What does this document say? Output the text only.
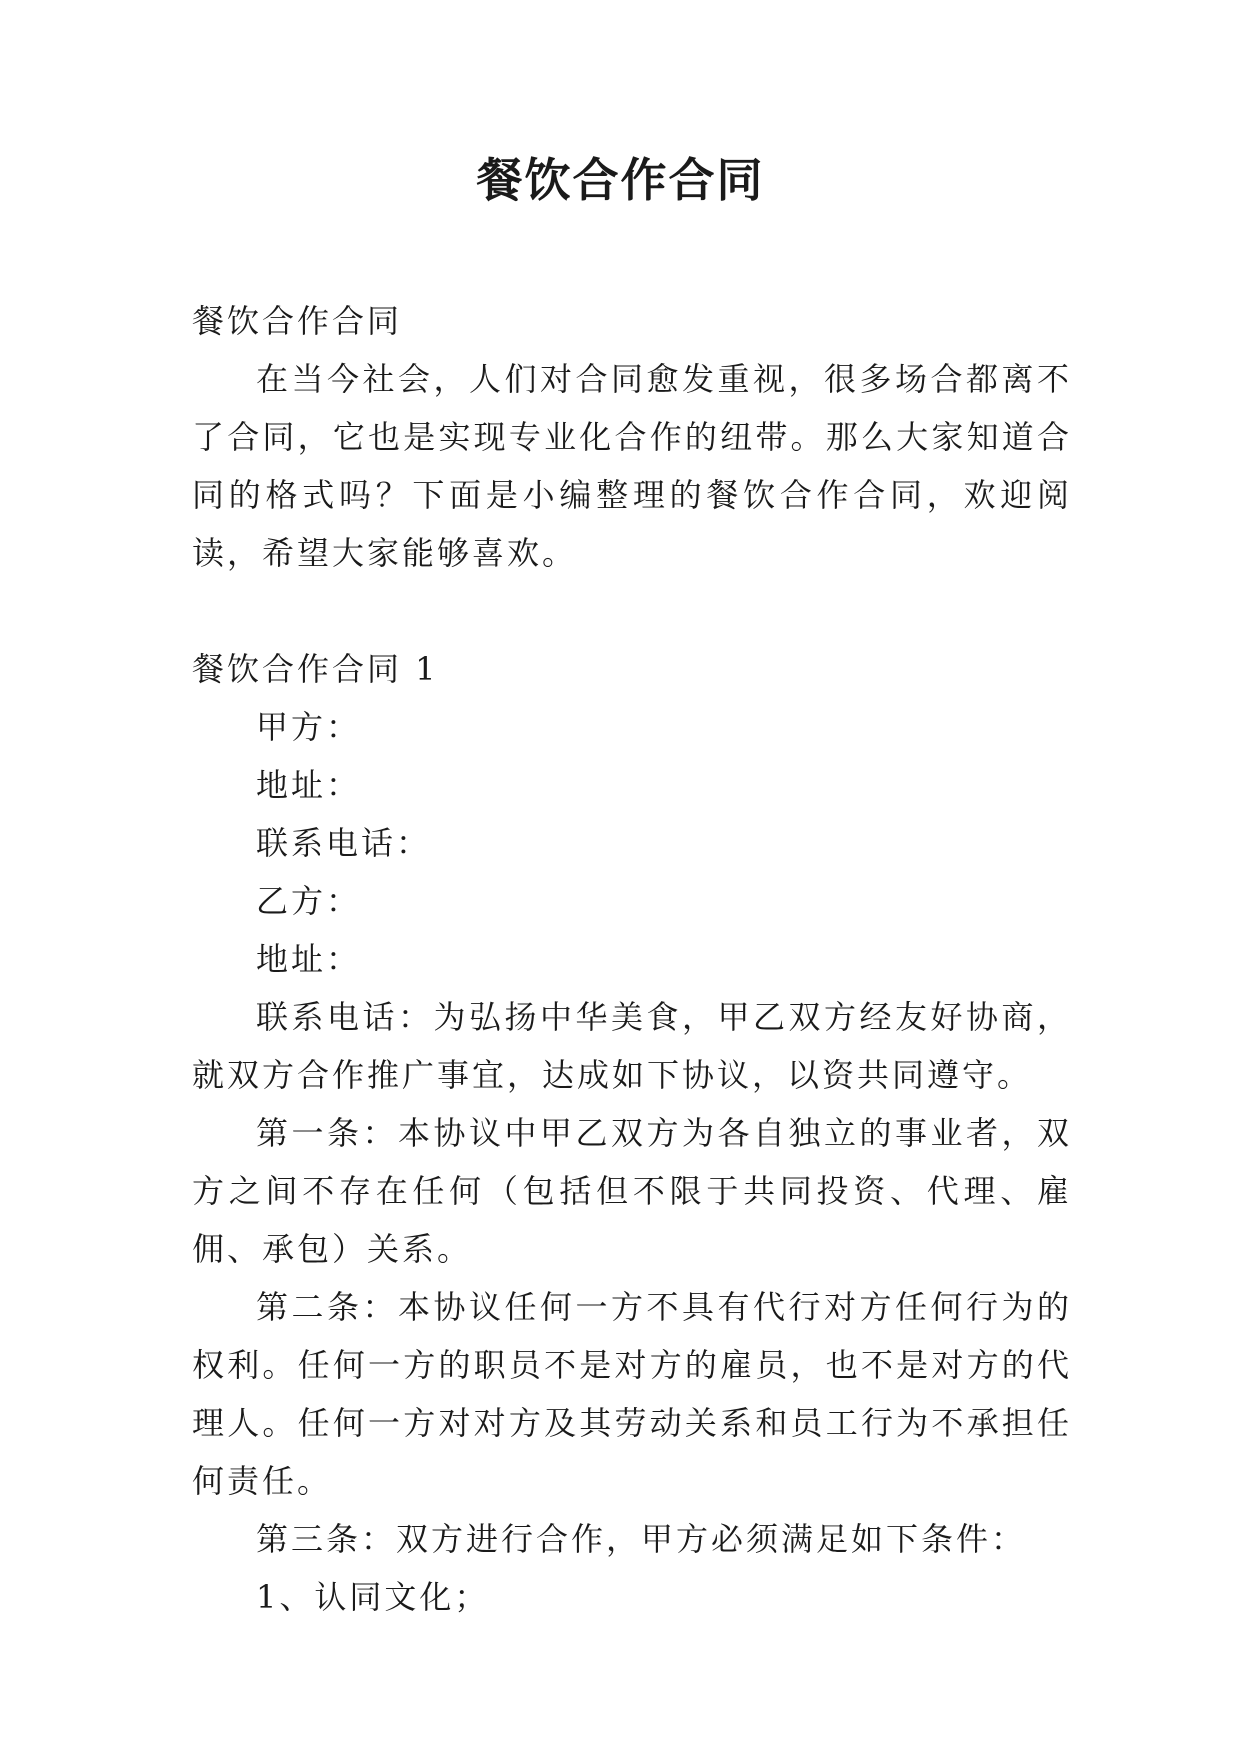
餐饮合作合同

餐饮合作合同

在当今社会，人们对合同愈发重视，很多场合都离不了合同，它也是实现专业化合作的纽带。那么大家知道合同的格式吗？下面是小编整理的餐饮合作合同，欢迎阅读，希望大家能够喜欢。

餐饮合作合同 1

甲方：

地址：

联系电话：

乙方：

地址：

联系电话：为弘扬中华美食，甲乙双方经友好协商，就双方合作推广事宜，达成如下协议，以资共同遵守。

第一条：本协议中甲乙双方为各自独立的事业者，双方之间不存在任何（包括但不限于共同投资、代理、雇佣、承包）关系。

第二条：本协议任何一方不具有代行对方任何行为的权利。任何一方的职员不是对方的雇员，也不是对方的代理人。任何一方对对方及其劳动关系和员工行为不承担任何责任。

第三条：双方进行合作，甲方必须满足如下条件：

1、认同文化；
